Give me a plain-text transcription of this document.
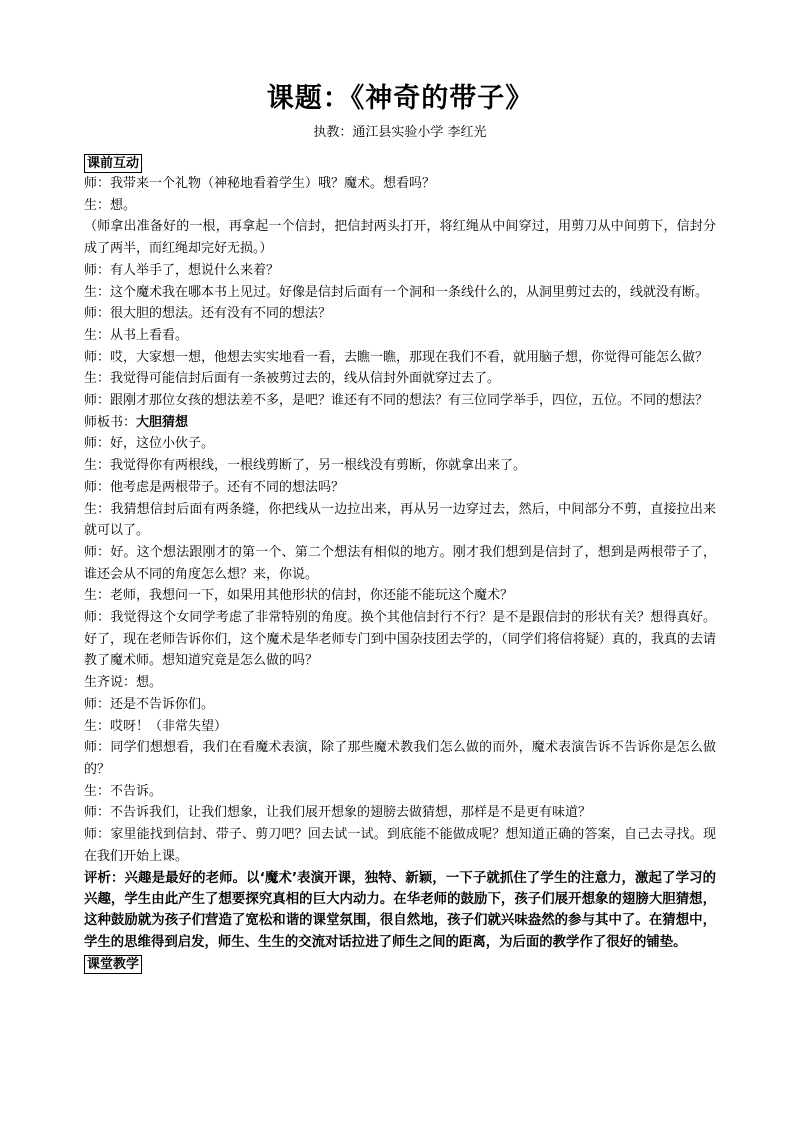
课题：《神奇的带子》
执教：通江县实验小学 李红光
课前互动

师：我带来一个礼物（神秘地看着学生）哦？魔术。想看吗？

生：想。

（师拿出准备好的一根，再拿起一个信封，把信封两头打开，将红绳从中间穿过，用剪刀从中间剪下，信封分成了两半，而红绳却完好无损。）

师：有人举手了，想说什么来着？

生：这个魔术我在哪本书上见过。好像是信封后面有一个洞和一条线什么的，从洞里剪过去的，线就没有断。

师：很大胆的想法。还有没有不同的想法？

生：从书上看看。

师：哎，大家想一想，他想去实实地看一看，去瞧一瞧，那现在我们不看，就用脑子想，你觉得可能怎么做？

生：我觉得可能信封后面有一条被剪过去的，线从信封外面就穿过去了。

师：跟刚才那位女孩的想法差不多，是吧？谁还有不同的想法？有三位同学举手，四位，五位。不同的想法？

师板书：大胆猜想

师：好，这位小伙子。

生：我觉得你有两根线，一根线剪断了，另一根线没有剪断，你就拿出来了。

师：他考虑是两根带子。还有不同的想法吗？

生：我猜想信封后面有两条缝，你把线从一边拉出来，再从另一边穿过去，然后，中间部分不剪，直接拉出来就可以了。

师：好。这个想法跟刚才的第一个、第二个想法有相似的地方。刚才我们想到是信封了，想到是两根带子了，谁还会从不同的角度怎么想？来，你说。

生：老师，我想问一下，如果用其他形状的信封，你还能不能玩这个魔术？

师：我觉得这个女同学考虑了非常特别的角度。换个其他信封行不行？是不是跟信封的形状有关？想得真好。好了，现在老师告诉你们，这个魔术是华老师专门到中国杂技团去学的，（同学们将信将疑）真的，我真的去请教了魔术师。想知道究竟是怎么做的吗？

生齐说：想。

师：还是不告诉你们。

生：哎呀！（非常失望）

师：同学们想想看，我们在看魔术表演，除了那些魔术教我们怎么做的而外，魔术表演告诉不告诉你是怎么做的？

生：不告诉。

师：不告诉我们，让我们想象，让我们展开想象的翅膀去做猜想，那样是不是更有味道？

师：家里能找到信封、带子、剪刀吧？回去试一试。到底能不能做成呢？想知道正确的答案，自己去寻找。现在我们开始上课。

评析：兴趣是最好的老师。以‘魔术’表演开课，独特、新颖，一下子就抓住了学生的注意力，激起了学习的兴趣，学生由此产生了想要探究真相的巨大内动力。在华老师的鼓励下，孩子们展开想象的翅膀大胆猜想，这种鼓励就为孩子们营造了宽松和谐的课堂氛围，很自然地，孩子们就兴味盎然的参与其中了。在猜想中，学生的思维得到启发，师生、生生的交流对话拉进了师生之间的距离，为后面的教学作了很好的铺垫。

课堂教学
